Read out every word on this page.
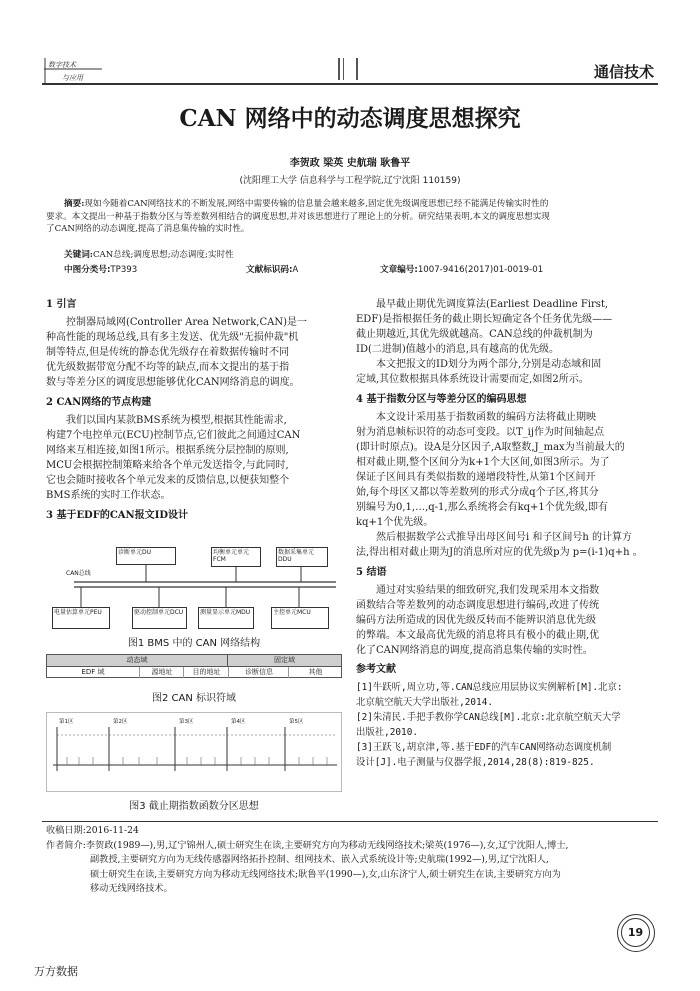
数字技术
与应用	通信技术
CAN 网络中的动态调度思想探究
李贺政 梁英 史航瑞 耿鲁平
(沈阳理工大学 信息科学与工程学院,辽宁沈阳 110159)
摘要:现如今随着CAN网络技术的不断发展,网络中需要传输的信息量会越来越多,固定优先级调度思想已经不能满足传输实时性的
要求。本文提出一种基于指数分区与等差数列相结合的调度思想,并对该思想进行了理论上的分析。研究结果表明,本文的调度思想实现
了CAN网络的动态调度,提高了消息集传输的实时性。
关键词:CAN总线;调度思想;动态调度;实时性
中图分类号:TP393	文献标识码:A	文章编号:1007-9416(2017)01-0019-01
1 引言
控制器局域网(Controller Area Network,CAN)是一
种高性能的现场总线,具有多主发送、优先级"无损仲裁"机
制等特点,但是传统的静态优先级存在着数据传输时不同
优先级数据带宽分配不均等的缺点,而本文提出的基于指
数与等差分区的调度思想能够优化CAN网络消息的调度。
2 CAN网络的节点构建
我们以国内某款BMS系统为模型,根据其性能需求,
构建7个电控单元(ECU)控制节点,它们彼此之间通过CAN
网络来互相连接,如图1所示。根据系统分层控制的原则,
MCU会根据控制策略来给各个单元发送指令,与此同时,
它也会随时接收各个单元发来的反馈信息,以便获知整个
BMS系统的实时工作状态。
3 基于EDF的CAN报文ID设计
CAN总线
诊断单元DU	均衡单元单元FCM
数据采集单元DDU
电量估算单元PEU	驱动控制单元DCU	测量显示单元MDU	主控单元MCU
图1 BMS 中的 CAN 网络结构
动态域	固定域
EDF 域	源地址	目的地址	诊断信息	其他
图2 CAN 标识符域
第1区	第2区	第3区	第4区	第5区
图3 截止期指数函数分区思想
最早截止期优先调度算法(Earliest Deadline First,
EDF)是指根据任务的截止期长短确定各个任务优先级——
截止期越近,其优先级就越高。CAN总线的仲裁机制为
ID(二进制)值越小的消息,具有越高的优先级。
本文把报文的ID划分为两个部分,分别是动态域和固
定域,其位数根据具体系统设计需要而定,如图2所示。
4 基于指数分区与等差分区的编码思想
本文设计采用基于指数函数的编码方法将截止期映
射为消息帧标识符的动态可变段。以T_ij作为时间轴起点
(即计时原点)。设A是分区因子,A取整数,J_max为当前最大的
相对截止期,整个区间分为k+1个大区间,如图3所示。为了
保证子区间具有类似指数的递增段特性,从第1个区间开
始,每个母区又都以等差数列的形式分成q个子区,将其分
别编号为0,1,…,q-1,那么系统将会有kq+1个优先级,即有
kq+1个优先级。
然后根据数学公式推导出母区间号i 和子区间号h 的计算方
法,得出相对截止期为J的消息所对应的优先级p为 p=(i-1)q+h 。
5 结语
通过对实验结果的细致研究,我们发现采用本文指数
函数结合等差数列的动态调度思想进行编码,改进了传统
编码方法所造成的因优先级反转而不能辨识消息优先级
的弊端。本文最高优先级的消息将具有极小的截止期,优
化了CAN网络消息的调度,提高消息集传输的实时性。
参考文献
[1]牛跃听,周立功,等.CAN总线应用层协议实例解析[M].北京:
北京航空航天大学出版社,2014.
[2]朱清民.手把手教你学CAN总线[M].北京:北京航空航天大学
出版社,2010.
[3]王跃飞,胡京津,等.基于EDF的汽车CAN网络动态调度机制
设计[J].电子测量与仪器学报,2014,28(8):819-825.
收稿日期:2016-11-24
作者简介:李贺政(1989—),男,辽宁锦州人,硕士研究生在读,主要研究方向为移动无线网络技术;梁英(1976—),女,辽宁沈阳人,博士,
副教授,主要研究方向为无线传感器网络拓扑控制、组网技术、嵌入式系统设计等;史航瑞(1992—),男,辽宁沈阳人,
硕士研究生在读,主要研究方向为移动无线网络技术;耿鲁平(1990—),女,山东济宁人,硕士研究生在读,主要研究方向为
移动无线网络技术。
19
万方数据
